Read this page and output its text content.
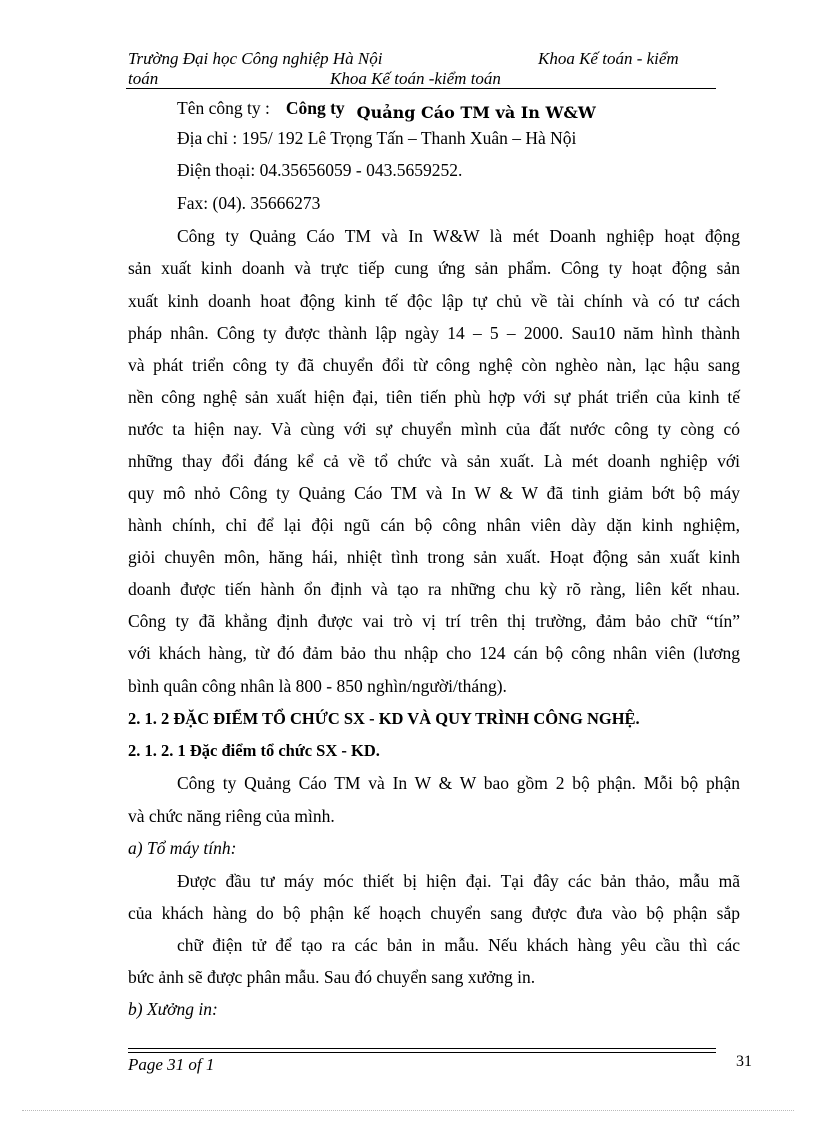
Trường Đại học Công nghiệp Hà Nội	Khoa Kế toán - kiểm
toán	Khoa Kế toán -kiểm toán
Tên công ty : Công ty Quảng Cáo TM và In W&W
Địa chỉ : 195/ 192 Lê Trọng Tấn – Thanh Xuân – Hà Nội
Điện thoại: 04.35656059 - 043.5659252.
Fax: (04). 35666273
Công ty Quảng Cáo TM và In W&W là mét Doanh nghiệp hoạt động
sản xuất kinh doanh và trực tiếp cung ứng sản phẩm. Công ty hoạt động sản
xuất kinh doanh hoat động kinh tế độc lập tự chủ về tài chính và có tư cách
pháp nhân. Công ty được thành lập ngày 14 – 5 – 2000. Sau10 năm hình thành
và phát triển công ty đã chuyển đổi từ công nghệ còn nghèo nàn, lạc hậu sang
nền công nghệ sản xuất hiện đại, tiên tiến phù hợp với sự phát triển của kinh tế
nước ta hiện nay. Và cùng với sự chuyển mình của đất nước công ty còng có
những thay đổi đáng kể cả về tổ chức và sản xuất. Là mét doanh nghiệp với
quy mô nhỏ Công ty Quảng Cáo TM và In W & W đã tinh giảm bớt bộ máy
hành chính, chỉ để lại đội ngũ cán bộ công nhân viên dày dặn kinh nghiệm,
giỏi chuyên môn, hăng hái, nhiệt tình trong sản xuất. Hoạt động sản xuất kinh
doanh được tiến hành ổn định và tạo ra những chu kỳ rõ ràng, liên kết nhau.
Công ty đã khẳng định được vai trò vị trí trên thị trường, đảm bảo chữ “tín”
với khách hàng, từ đó đảm bảo thu nhập cho 124 cán bộ công nhân viên (lương
bình quân công nhân là 800 - 850 nghìn/người/tháng).
2. 1. 2 ĐẶC ĐIỂM TỔ CHỨC SX - KD VÀ QUY TRÌNH CÔNG NGHỆ.
2. 1. 2. 1 Đặc điểm tổ chức SX - KD.
Công ty Quảng Cáo TM và In W & W bao gồm 2 bộ phận. Mỗi bộ phận
và chức năng riêng của mình.
a) Tổ máy tính:
Được đầu tư máy móc thiết bị hiện đại. Tại đây các bản thảo, mẫu mã
của khách hàng do bộ phận kế hoạch chuyển sang được đưa vào bộ phận sắp
chữ điện tử để tạo ra các bản in mẫu. Nếu khách hàng yêu cầu thì các
bức ảnh sẽ được phân mẫu. Sau đó chuyển sang xưởng in.
b) Xưởng in:
Page 31 of 1	31
